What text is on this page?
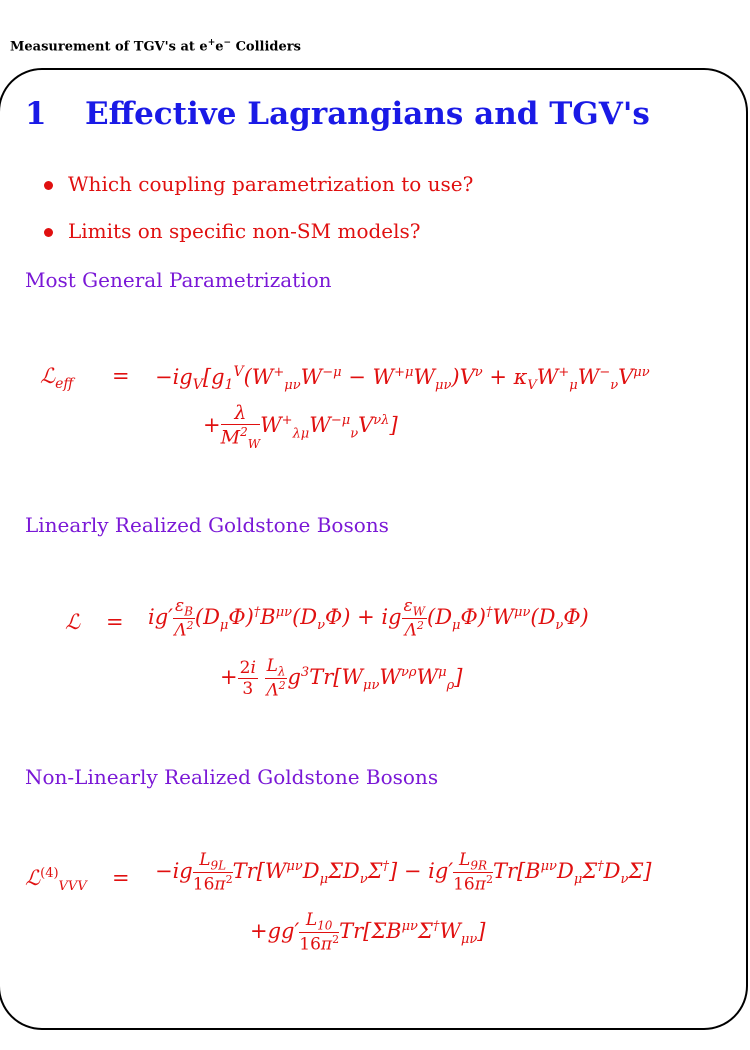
Measurement of TGV's at e+e− Colliders
1 Effective Lagrangians and TGV's
Which coupling parametrization to use?
Limits on specific non-SM models?
Most General Parametrization
ℒ$_{eff}$ = $-ig_V[g_1^V(W^+_{\mu\nu}W^{-\mu} - W^{+\mu}W_{\mu\nu})V^\nu + \kappa_VW^+_\mu W^-_\nu V^{\mu\nu}$
+ $\frac{\lambda}{M^2_W} W^+_{\lambda\mu}W^{-\mu}_\nu V^{\nu\lambda}$]
Linearly Realized Goldstone Bosons
ℒ = $ig' \frac{\varepsilon_B}{\Lambda^2} (D_\mu\Phi)^\dagger B^{\mu\nu}(D_\nu\Phi)$ + ig $\frac{\varepsilon_W}{\Lambda^2} (D_\mu\Phi)^\dagger W^{\mu\nu}(D_\nu\Phi)$
+ $\frac{2i}{3}$
$\frac{L_\lambda}{\Lambda^2} g^3Tr[W_{\mu\nu}W^{\nu\rho}W^\mu_\rho]$
Non-Linearly Realized Goldstone Bosons
ℒ$^{(4)}_{VVV}$ = $-ig \frac{L_{9L}}{16\pi^2} Tr[W^{\mu\nu}D_\mu\Sigma D_\nu\Sigma^\dagger] - ig' \frac{L_{9R}}{16\pi^2} Tr[B^{\mu\nu}D_\mu\Sigma^\dagger D_\nu\Sigma]$
$+gg' \frac{L_{10}}{16\pi^2} Tr[\Sigma B^{\mu\nu}\Sigma^\dagger W_{\mu\nu}]$
